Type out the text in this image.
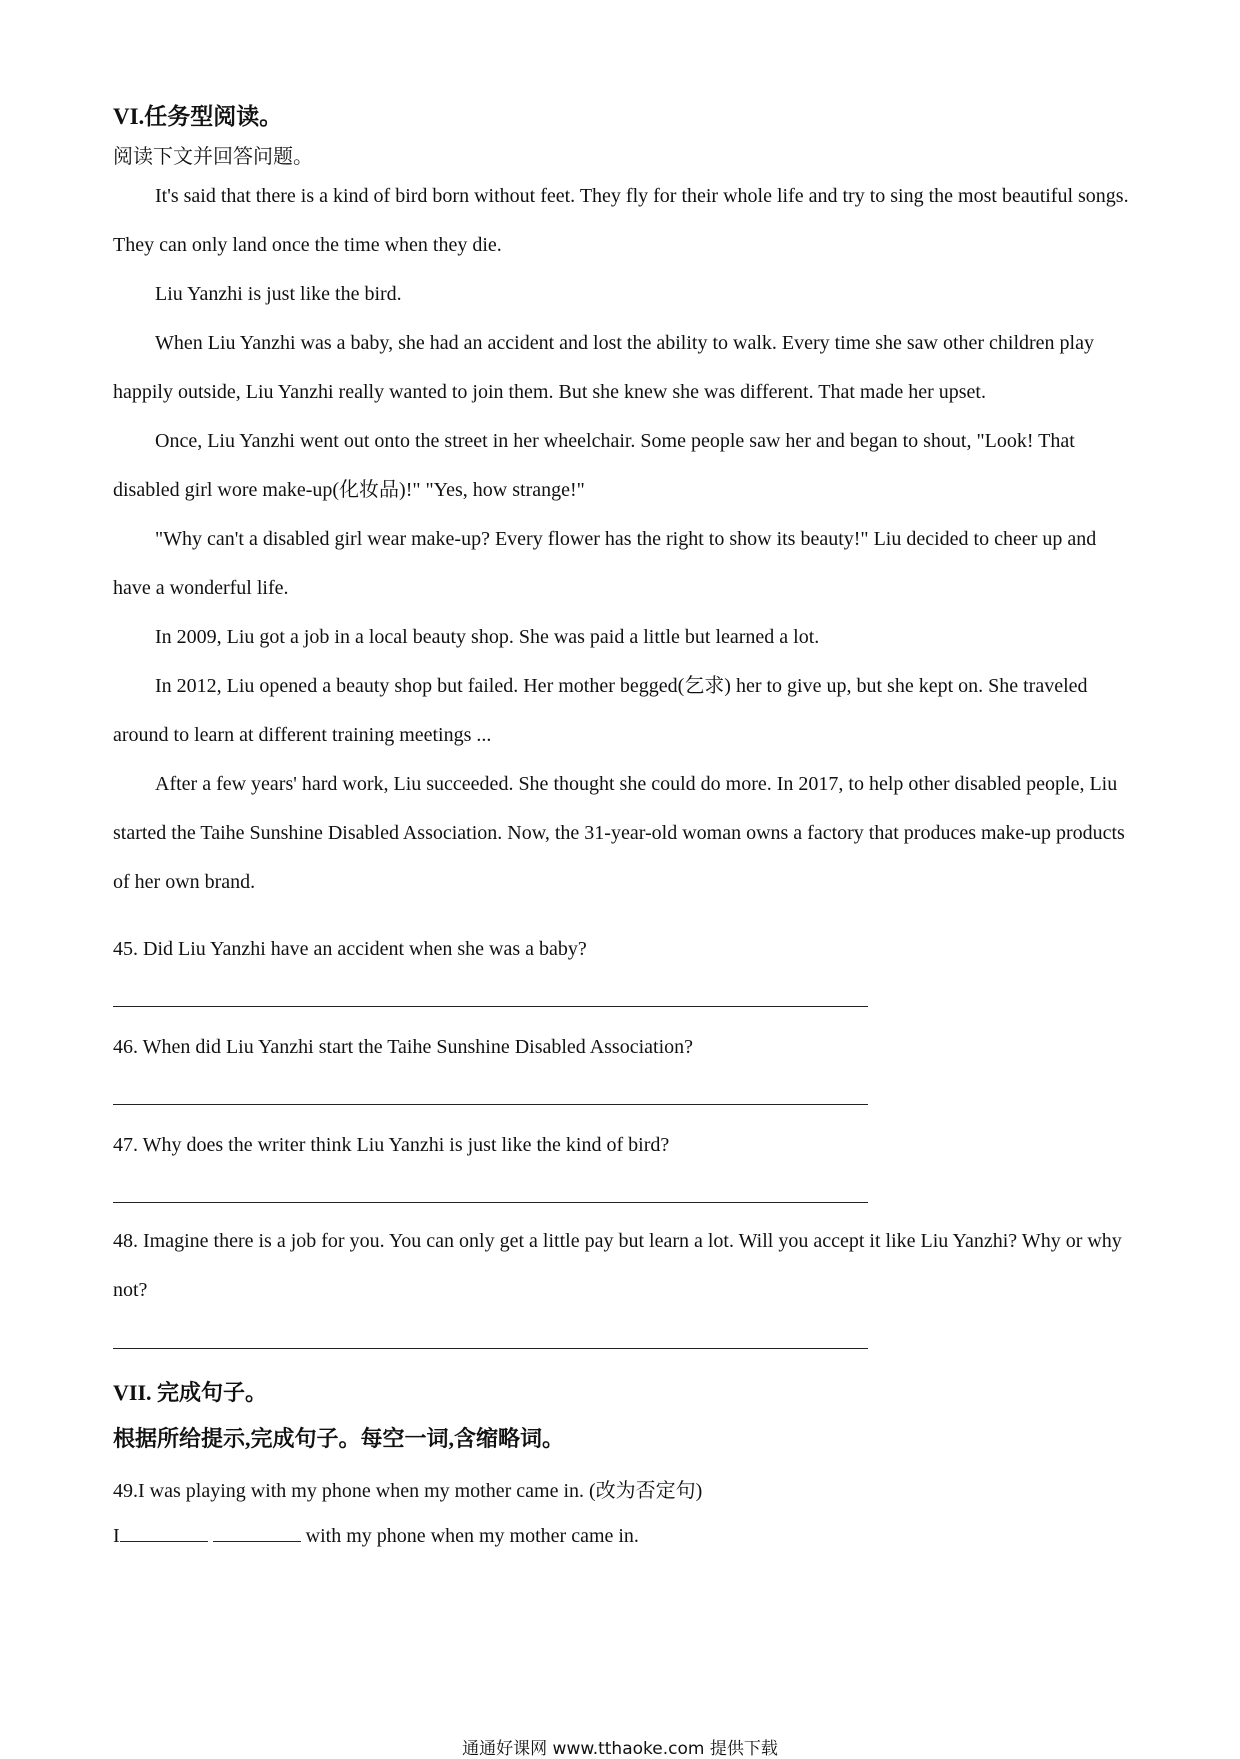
VI.任务型阅读。
阅读下文并回答问题。
It's said that there is a kind of bird born without feet. They fly for their whole life and try to sing the most beautiful songs. They can only land once the time when they die.
Liu Yanzhi is just like the bird.
When Liu Yanzhi was a baby, she had an accident and lost the ability to walk. Every time she saw other children play happily outside, Liu Yanzhi really wanted to join them. But she knew she was different. That made her upset.
Once, Liu Yanzhi went out onto the street in her wheelchair. Some people saw her and began to shout, "Look! That disabled girl wore make-up(化妆品)!" "Yes, how strange!"
"Why can't a disabled girl wear make-up? Every flower has the right to show its beauty!" Liu decided to cheer up and have a wonderful life.
In 2009, Liu got a job in a local beauty shop. She was paid a little but learned a lot.
In 2012, Liu opened a beauty shop but failed. Her mother begged(乞求) her to give up, but she kept on. She traveled around to learn at different training meetings ...
After a few years' hard work, Liu succeeded. She thought she could do more. In 2017, to help other disabled people, Liu started the Taihe Sunshine Disabled Association. Now, the 31-year-old woman owns a factory that produces make-up products of her own brand.
45. Did Liu Yanzhi have an accident when she was a baby?
46. When did Liu Yanzhi start the Taihe Sunshine Disabled Association?
47. Why does the writer think Liu Yanzhi is just like the kind of bird?
48. Imagine there is a job for you. You can only get a little pay but learn a lot. Will you accept it like Liu Yanzhi? Why or why not?
VII. 完成句子。
根据所给提示,完成句子。每空一词,含缩略词。
49.I was playing with my phone when my mother came in. (改为否定句)
I	with my phone when my mother came in.
通通好课网 www.tthaoke.com 提供下载
